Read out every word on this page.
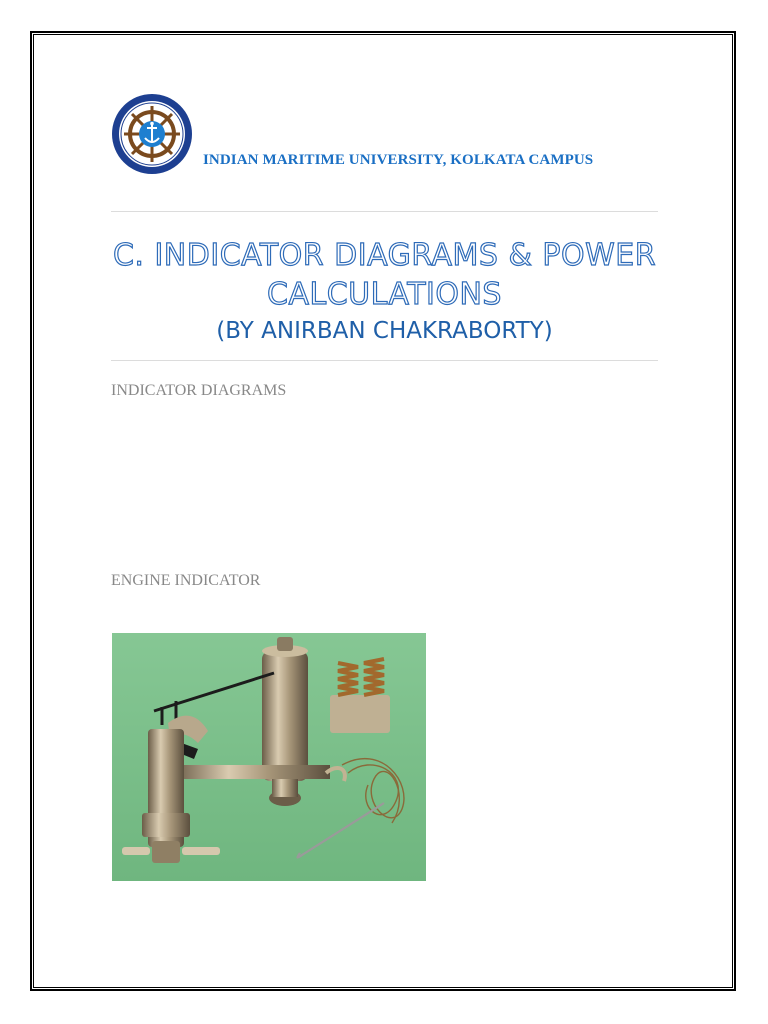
INDIAN MARITIME UNIVERSITY, KOLKATA CAMPUS
C. INDICATOR DIAGRAMS & POWER
CALCULATIONS
(BY ANIRBAN CHAKRABORTY)
INDICATOR DIAGRAMS
ENGINE INDICATOR
